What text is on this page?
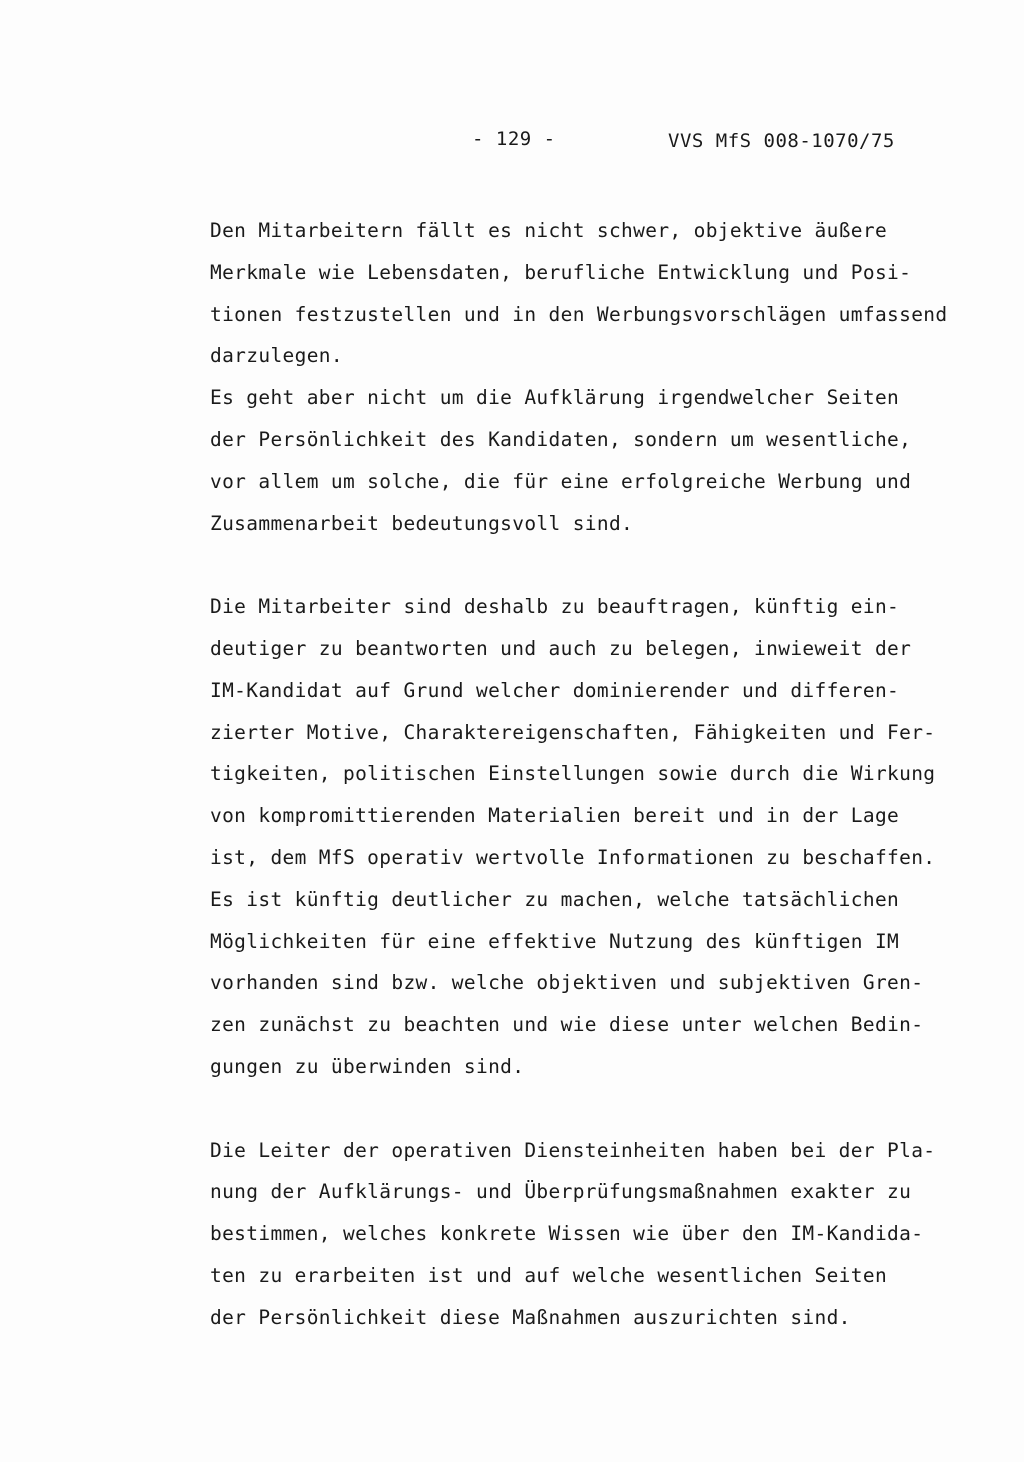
- 129 -	VVS MfS 008-1070/75
Den Mitarbeitern fällt es nicht schwer, objektive äußere
Merkmale wie Lebensdaten, berufliche Entwicklung und Posi-
tionen festzustellen und in den Werbungsvorschlägen umfassend
darzulegen.
Es geht aber nicht um die Aufklärung irgendwelcher Seiten
der Persönlichkeit des Kandidaten, sondern um wesentliche,
vor allem um solche, die für eine erfolgreiche Werbung und
Zusammenarbeit bedeutungsvoll sind.
Die Mitarbeiter sind deshalb zu beauftragen, künftig ein-
deutiger zu beantworten und auch zu belegen, inwieweit der
IM-Kandidat auf Grund welcher dominierender und differen-
zierter Motive, Charaktereigenschaften, Fähigkeiten und Fer-
tigkeiten, politischen Einstellungen sowie durch die Wirkung
von kompromittierenden Materialien bereit und in der Lage
ist, dem MfS operativ wertvolle Informationen zu beschaffen.
Es ist künftig deutlicher zu machen, welche tatsächlichen
Möglichkeiten für eine effektive Nutzung des künftigen IM
vorhanden sind bzw. welche objektiven und subjektiven Gren-
zen zunächst zu beachten und wie diese unter welchen Bedin-
gungen zu überwinden sind.
Die Leiter der operativen Diensteinheiten haben bei der Pla-
nung der Aufklärungs- und Überprüfungsmaßnahmen exakter zu
bestimmen, welches konkrete Wissen wie über den IM-Kandida-
ten zu erarbeiten ist und auf welche wesentlichen Seiten
der Persönlichkeit diese Maßnahmen auszurichten sind.
